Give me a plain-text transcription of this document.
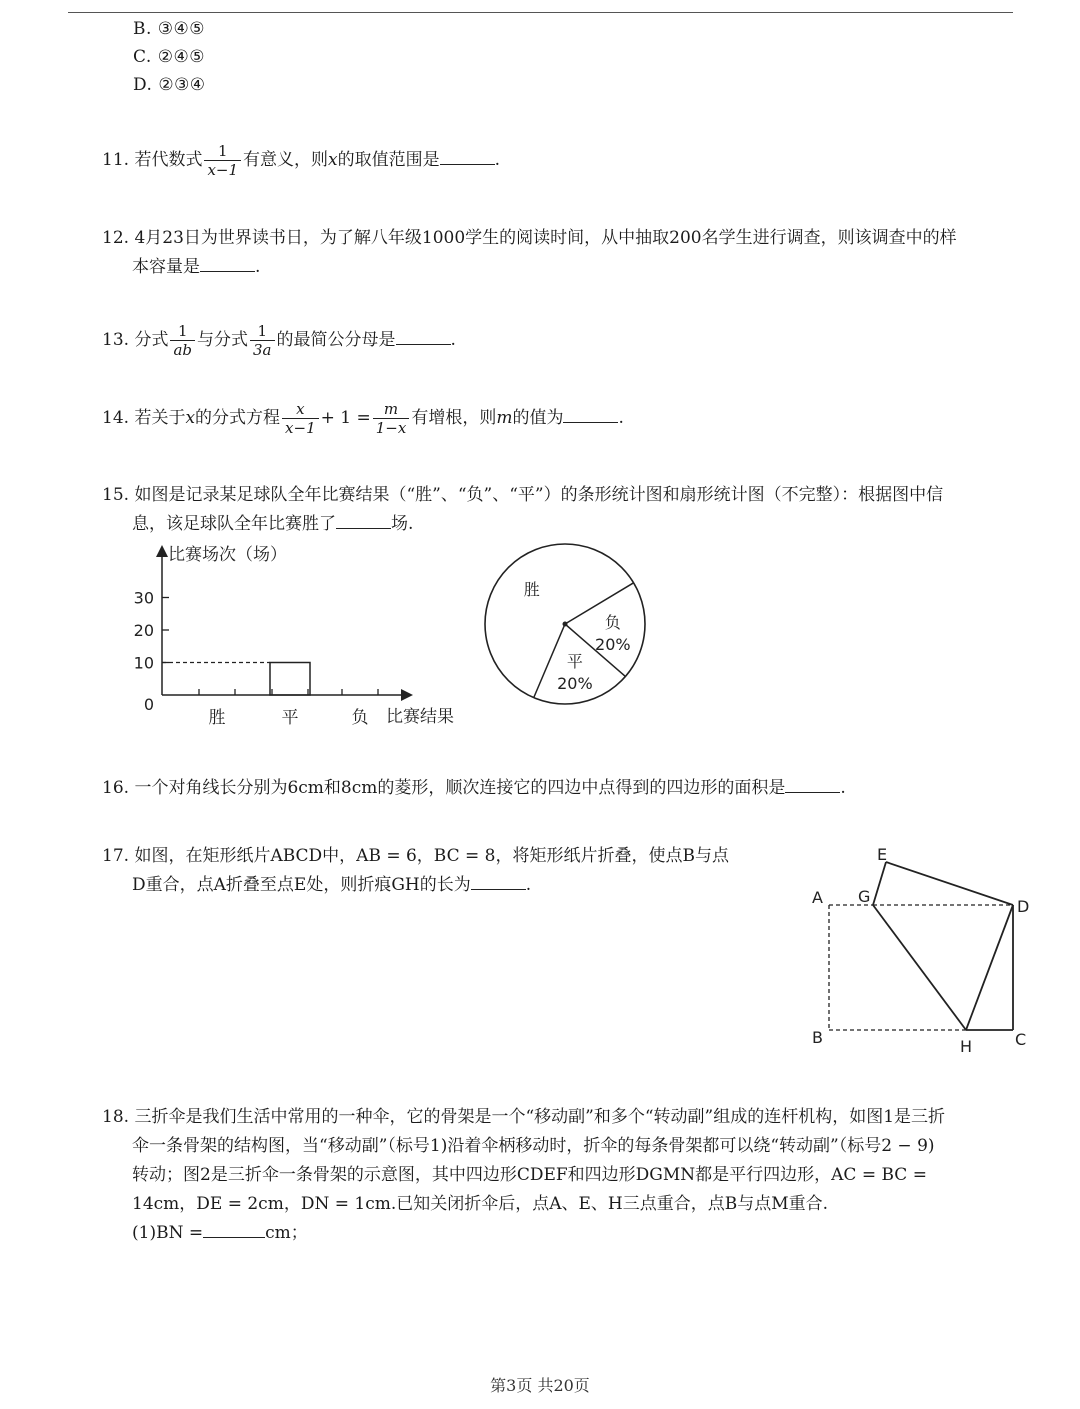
B. ③④⑤
C. ②④⑤
D. ②③④
11. 若代数式 $\frac{1}{x-1}$ 有意义，则x的取值范围是	.
12. 4月23日为世界读书日，为了解八年级1000学生的阅读时间，从中抽取200名学生进行调查，则该调查中的样
本容量是	.
13. 分式 $\frac{1}{ab}$ 与分式 $\frac{1}{3a}$ 的最简公分母是	.
14. 若关于x的分式方程 $\frac{x}{x-1} + 1 = \frac{m}{1-x}$ 有增根，则m的值为	.
15. 如图是记录某足球队全年比赛结果（“胜”、“负”、“平”）的条形统计图和扇形统计图（不完整）：根据图中信
息，该足球队全年比赛胜了	场.
比赛场次（场）
比赛结果
0
10
20
30
胜	平	负
负
20%
平
20%
胜
16. 一个对角线长分别为6cm和8cm的菱形，顺次连接它的四边中点得到的四边形的面积是	.
17. 如图，在矩形纸片ABCD中，AB = 6，BC = 8，将矩形纸片折叠，使点B与点
D重合，点A折叠至点E处，则折痕GH的长为	.
A G
E
D
B	H	C
18. 三折伞是我们生活中常用的一种伞，它的骨架是一个“移动副”和多个“转动副”组成的连杆机构，如图1是三折
伞一条骨架的结构图，当“移动副”（标号1)沿着伞柄移动时，折伞的每条骨架都可以绕“转动副”（标号2 − 9)
转动；图2是三折伞一条骨架的示意图，其中四边形CDEF和四边形DGMN都是平行四边形，AC = BC =
14cm，DE = 2cm，DN = 1cm.已知关闭折伞后，点A、E、H三点重合，点B与点M重合.
(1)BN =	cm；
第3页 共20页
